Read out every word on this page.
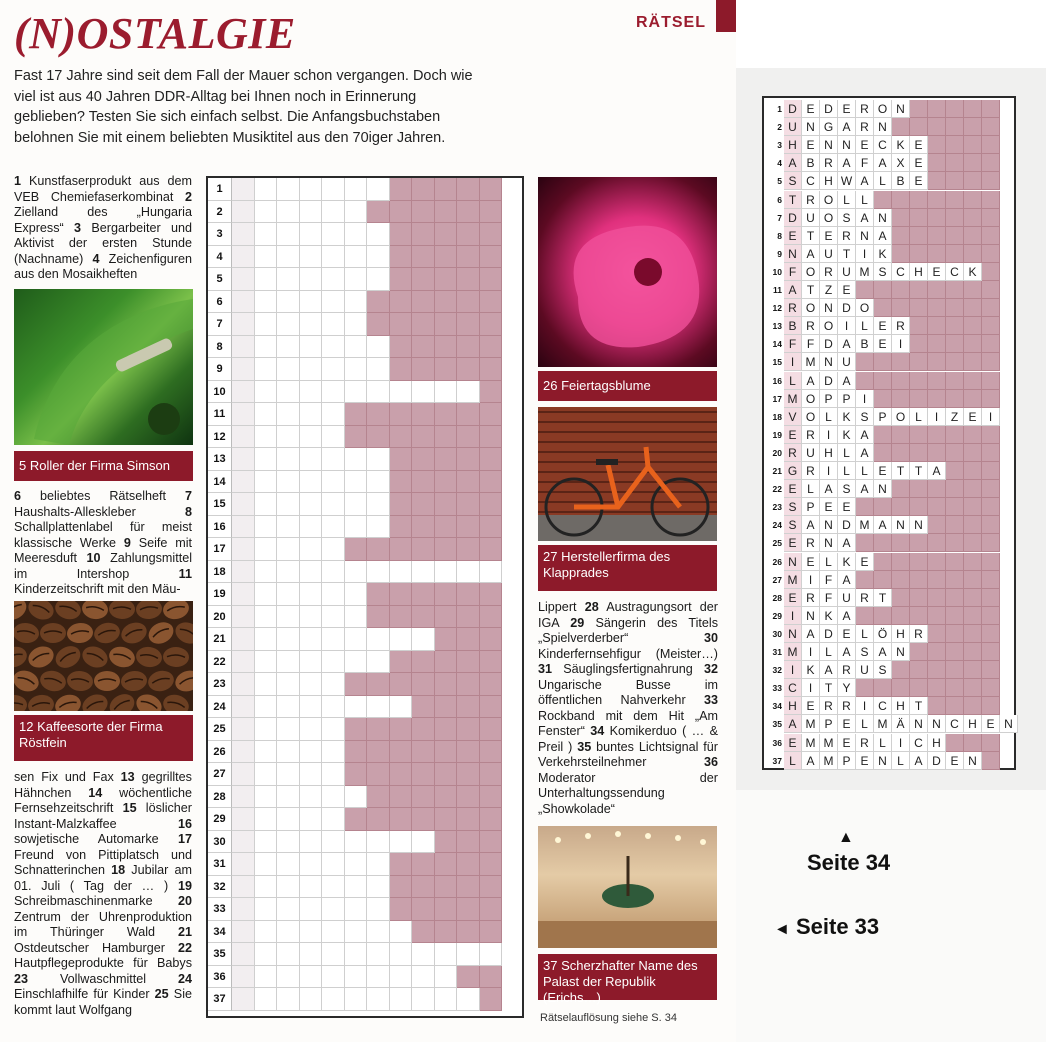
(N)OSTALGIE	RÄTSEL
Fast 17 Jahre sind seit dem Fall der Mauer schon vergangen. Doch wie viel ist aus 40 Jahren DDR-Alltag bei Ihnen noch in Erinnerung geblieben? Testen Sie sich einfach selbst. Die Anfangsbuchstaben belohnen Sie mit einem beliebten Musiktitel aus den 70iger Jahren.
1 Kunstfaserprodukt aus dem VEB Chemiefaserkombinat 2 Zielland des „Hungaria Express“ 3 Bergarbeiter und Aktivist der ersten Stunde (Nachname) 4 Zeichenfiguren aus den Mosaikheften
5 Roller der Firma Simson
6 beliebtes Rätselheft 7 Haushalts-Alleskleber 8 Schallplattenlabel für meist klassische Werke 9 Seife mit Meeresduft 10 Zahlungsmittel im Intershop 11 Kinderzeitschrift mit den Mäu-
12 Kaffeesorte der Firma Röstfein
sen Fix und Fax 13 gegrilltes Hähnchen 14 wöchentliche Fernsehzeitschrift 15 löslicher Instant-Malzkaffee 16 sowjetische Automarke 17 Freund von Pittiplatsch und Schnatterinchen 18 Jubilar am 01. Juli ( Tag der … ) 19 Schreibmaschinenmarke 20 Zentrum der Uhrenproduktion im Thüringer Wald 21 Ostdeutscher Hamburger 22 Hautpflegeprodukte für Babys 23 Vollwaschmittel 24 Einschlafhilfe für Kinder 25 Sie kommt laut Wolfgang
1
2
3
4
5
6
7
8
9
10
11
12
13
14
15
16
17
18
19
20
21
22
23
24
25
26
27
28
29
30
31
32
33
34
35
36
37
26 Feiertagsblume
27 Herstellerfirma des Klapprades
Lippert 28 Austragungsort der IGA 29 Sängerin des Titels „Spielverderber“ 30 Kinderfernsehfigur (Meister…) 31 Säuglingsfertignahrung 32 Ungarische Busse im öffentlichen Nahverkehr 33 Rockband mit dem Hit „Am Fenster“ 34 Komikerduo ( … & Preil ) 35 buntes Lichtsignal für Verkehrsteilnehmer 36 Moderator der Unterhaltungssendung „Showkolade“
37 Scherzhafter Name des Palast der Republik (Erichs…)
Rätselauflösung siehe S. 34
1 D E D E R O N
2 U N G A R N
3 H E N N E C K E
4 A B R A F A X E
5 S C H W A L B E
6 T R O L L
7 D U O S A N
8 E T E R N A
9 N A U T	I	K
10 F O R U M S C H E C K
11 A T Z E
12 R O N D O
13 B R O I	L E R
14 F F D A B E	I
15 I M N U
16 L A D A
17 M O P P	I
18 V O L K S P O L	I	Z E	I
19 E R	I	K A
20 R U H L A
21 G R	I	L L E T T A
22 E L A S A N
23 S P E E
24 S A N D M A N N
25 E R N A
26 N E L K E
27 M I	F A
28 E R F U R T
29 I N K A
30 N A D E L Ö H R
31 M I	L A S A N
32 I	K A R U S
33 C	I	T Y
34 H E R R	I C H T
35 A M P E L M Ä N N C H E N
36 E M M E R L	I C H
37 L A M P E N L A D E N
▲
Seite 34
◄ Seite 33
